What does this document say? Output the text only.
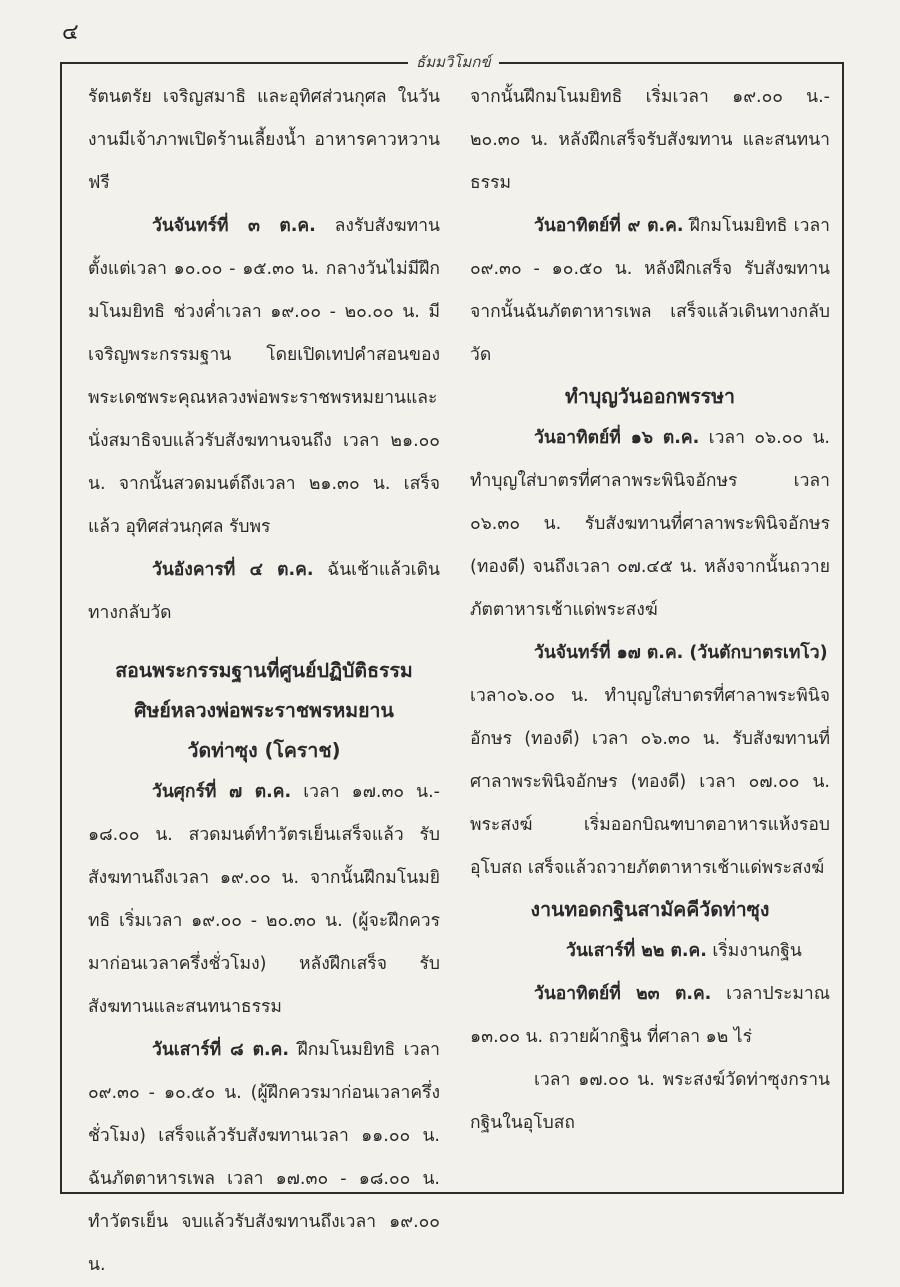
๔
ธัมมวิโมกข์

รัตนตรัย เจริญสมาธิ และอุทิศส่วนกุศล ในวันงานมีเจ้าภาพเปิดร้านเลี้ยงน้ำ อาหารคาวหวานฟรี

วันจันทร์ที่ ๓ ต.ค. ลงรับสังฆทานตั้งแต่เวลา ๑๐.๐๐ - ๑๕.๓๐ น. กลางวันไม่มีฝึกมโนมยิทธิ ช่วงค่ำเวลา ๑๙.๐๐ - ๒๐.๐๐ น. มีเจริญพระกรรมฐาน โดยเปิดเทปคำสอนของพระเดชพระคุณหลวงพ่อพระราชพรหมยานและนั่งสมาธิจบแล้วรับสังฆทานจนถึง เวลา ๒๑.๐๐ น. จากนั้นสวดมนต์ถึงเวลา ๒๑.๓๐ น. เสร็จแล้ว อุทิศส่วนกุศล รับพร

วันอังคารที่ ๔ ต.ค. ฉันเช้าแล้วเดินทางกลับวัด

สอนพระกรรมฐานที่ศูนย์ปฏิบัติธรรม

ศิษย์หลวงพ่อพระราชพรหมยาน

วัดท่าซุง (โคราช)

วันศุกร์ที่ ๗ ต.ค. เวลา ๑๗.๓๐ น.- ๑๘.๐๐ น. สวดมนต์ทำวัตรเย็นเสร็จแล้ว รับสังฆทานถึงเวลา ๑๙.๐๐ น. จากนั้นฝึกมโนมยิทธิ เริ่มเวลา ๑๙.๐๐ - ๒๐.๓๐ น. (ผู้จะฝึกควรมาก่อนเวลาครึ่งชั่วโมง) หลังฝึกเสร็จ รับสังฆทานและสนทนาธรรม

วันเสาร์ที่ ๘ ต.ค. ฝึกมโนมยิทธิ เวลา ๐๙.๓๐ - ๑๐.๕๐ น. (ผู้ฝึกควรมาก่อนเวลาครึ่งชั่วโมง) เสร็จแล้วรับสังฆทานเวลา ๑๑.๐๐ น. ฉันภัตตาหารเพล เวลา ๑๗.๓๐ - ๑๘.๐๐ น. ทำวัตรเย็น จบแล้วรับสังฆทานถึงเวลา ๑๙.๐๐ น.

จากนั้นฝึกมโนมยิทธิ เริ่มเวลา ๑๙.๐๐ น.- ๒๐.๓๐ น. หลังฝึกเสร็จรับสังฆทาน และสนทนาธรรม

วันอาทิตย์ที่ ๙ ต.ค. ฝึกมโนมยิทธิ เวลา ๐๙.๓๐ - ๑๐.๕๐ น. หลังฝึกเสร็จ รับสังฆทาน จากนั้นฉันภัตตาหารเพล เสร็จแล้วเดินทางกลับวัด

ทำบุญวันออกพรรษา

วันอาทิตย์ที่ ๑๖ ต.ค. เวลา ๐๖.๐๐ น. ทำบุญใส่บาตรที่ศาลาพระพินิจอักษร เวลา ๐๖.๓๐ น. รับสังฆทานที่ศาลาพระพินิจอักษร (ทองดี) จนถึงเวลา ๐๗.๔๕ น. หลังจากนั้นถวายภัตตาหารเช้าแด่พระสงฆ์

วันจันทร์ที่ ๑๗ ต.ค. (วันตักบาตรเทโว)

เวลา๐๖.๐๐ น. ทำบุญใส่บาตรที่ศาลาพระพินิจอักษร (ทองดี) เวลา ๐๖.๓๐ น. รับสังฆทานที่ศาลาพระพินิจอักษร (ทองดี) เวลา ๐๗.๐๐ น. พระสงฆ์ เริ่มออกบิณฑบาตอาหารแห้งรอบอุโบสถ เสร็จแล้วถวายภัตตาหารเช้าแด่พระสงฆ์

งานทอดกฐินสามัคคีวัดท่าซุง

วันเสาร์ที่ ๒๒ ต.ค. เริ่มงานกฐิน

วันอาทิตย์ที่ ๒๓ ต.ค. เวลาประมาณ ๑๓.๐๐ น. ถวายผ้ากฐิน ที่ศาลา ๑๒ ไร่

เวลา ๑๗.๐๐ น. พระสงฆ์วัดท่าซุงกรานกฐินในอุโบสถ
